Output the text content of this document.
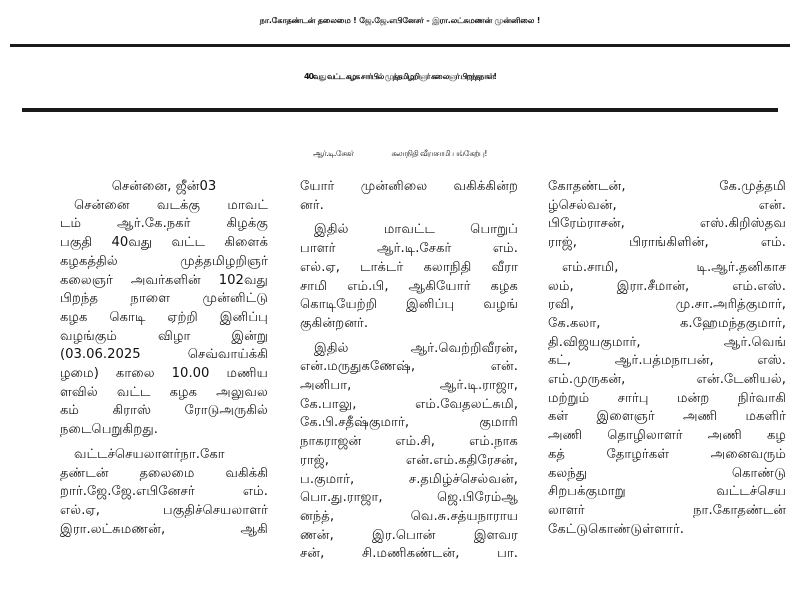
நா.கோதண்டன் தலைமை ! ஜே.ஜே.எபினேசர் - இரா.லட்சுமணன் முன்னிலை !
40வது வட்ட கழக சார்பில் முத்தமிழறிஞர் கலைஞர் பிறந்தநாள்!
ஆர்.டி.சேகர்	கலாநிதி வீராசாமி பங்கேற்பு!

சென்னை, ஜீன்03

சென்னை வடக்கு மாவட்

டம் ஆர்.கே.நகர் கிழக்கு

பகுதி 40வது வட்ட கிளைக்

கழகத்தில் முத்தமிழறிஞர்

கலைஞர் அவர்களின் 102வது

பிறந்த நாளை முன்னிட்டு

கழக கொடி ஏற்றி இனிப்பு

வழங்கும் விழா இன்று

(03.06.2025 செவ்வாய்க்கி

ழமை) காலை 10.00 மணிய

ளவில் வட்ட கழக அலுவல

கம் கிராஸ் ரோடுஅருகில்

நடைபெறுகிறது.

வட்டச்செயலாளர்நா.கோ

தண்டன் தலைமை வகிக்கி

றார்.ஜே.ஜே.எபினேசர் எம்.

எல்.ஏ, பகுதிச்செயலாளர்

இரா.லட்சுமணன், ஆகி

யோர் முன்னிலை வகிக்கின்ற

னர்.

இதில் மாவட்ட பொறுப்

பாளர் ஆர்.டி.சேகர் எம்.

எல்.ஏ, டாக்டர் கலாநிதி வீரா

சாமி எம்.பி, ஆகியோர் கழக

கொடியேற்றி இனிப்பு வழங்

குகின்றனர்.

இதில் ஆர்.வெற்றிவீரன்,

என்.மருதுகணேஷ், என்.

அனிபா, ஆர்.டி.ராஜா,

கே.பாலு, எம்.வேதலட்சுமி,

கே.பி.சதீஷ்குமார், குமாரி

நாகராஜன் எம்.சி, எம்.நாக

ராஜ், என்.எம்.கதிரேசன்,

ப.குமார், ச.தமிழ்ச்செல்வன்,

பொ.து.ராஜா, ஜெ.பிரேம்ஆ

னந்த், வெ.சு.சத்யநாராய

ணன், இர.பொன் இளவர

சன், சி.மணிகண்டன், பா.

கோதண்டன், கே.முத்தமி

ழ்செல்வன், என்.

பிரேம்ராசன், எஸ்.கிறிஸ்தவ

ராஜ், பிராங்கிளின், எம்.

எம்.சாமி, டி.ஆர்.தனிகாச

லம், இரா.சீமான், எம்.எஸ்.

ரவி, மு.சா.அரித்குமார்,

கே.கலா, க.ஹேமந்தகுமார்,

தி.விஜயகுமார், ஆர்.வெங்

கட், ஆர்.பத்மநாபன், எஸ்.

எம்.முருகன், என்.டேனியல்,

மற்றும் சார்பு மன்ற நிர்வாகி

கள் இளைஞர் அணி மகளிர்

அணி தொழிலாளர் அணி கழ

கத் தோழர்கள் அனைவரும்

கலந்து கொண்டு

சிறபக்குமாறு வட்டச்செய

லாளர் நா.கோதண்டன்

கேட்டுகொண்டுள்ளார்.
